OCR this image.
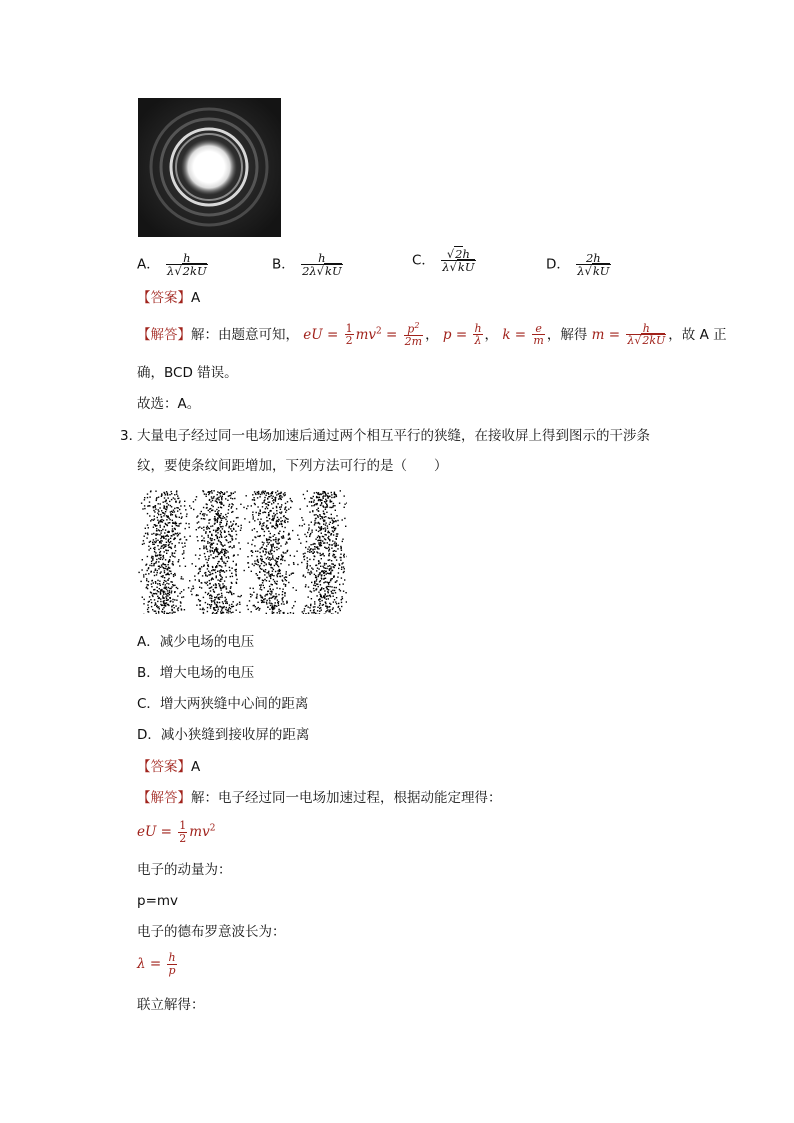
A． $\frac{h}{\lambda√2kU}$	B． $\frac{h}{2\lambda√kU}$	C． $\frac{√2h}{\lambda√kU}$	D． $\frac{2h}{\lambda√kU}$
【答案】A
【解答】解：由题意可知， eU = $\frac{1}{2} mv^2 = \frac{p^2}{2m}$ ， $p = \frac{h}{\lambda}$ ， $k = \frac{e}{m}$ ，解得 $m = \frac{h}{\lambda√2kU}$ ，故 A 正
确，BCD 错误。
故选：A。
3．
大量电子经过同一电场加速后通过两个相互平行的狭缝，在接收屏上得到图示的干涉条
纹，要使条纹间距增加，下列方法可行的是（　　）
A．减少电场的电压
B．增大电场的电压
C．增大两狭缝中心间的距离
D．减小狭缝到接收屏的距离
【答案】A
【解答】解：电子经过同一电场加速过程，根据动能定理得：
eU = $\frac{1}{2} mv^2$
电子的动量为：
p=mv
电子的德布罗意波长为：
$\lambda = \frac{h}{p}$
联立解得：
